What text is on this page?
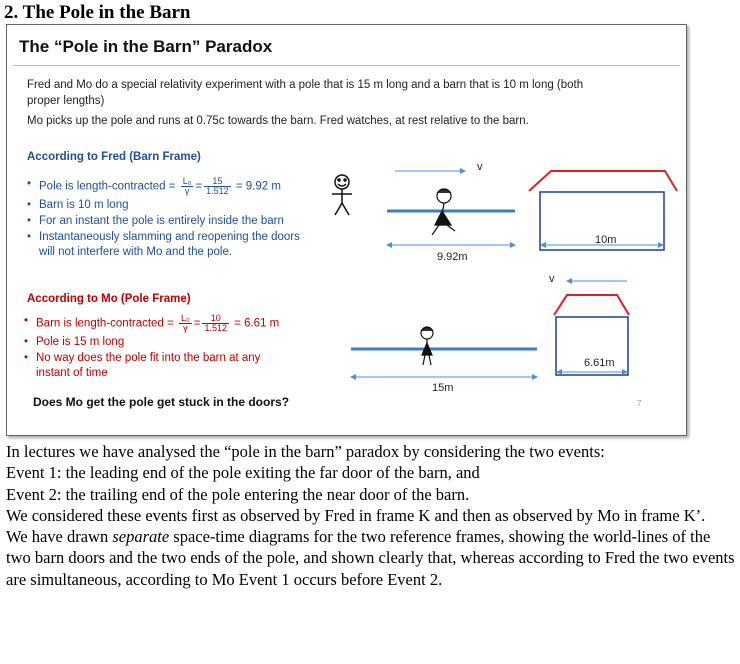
2. The Pole in the Barn
The “Pole in the Barn” Paradox
Fred and Mo do a special relativity experiment with a pole that is 15 m long and a barn that is 10 m long (both proper lengths)
Mo picks up the pole and runs at 0.75c towards the barn. Fred watches, at rest relative to the barn.
According to Fred (Barn Frame)
• Pole is length-contracted = $\frac{\text{L₀}}{\gamma} = \frac{15}{1.512} = 9.92$ m
• Barn is 10 m long
• For an instant the pole is entirely inside the barn
• Instantaneously slamming and reopening the doors will not interfere with Mo and the pole.
According to Mo (Pole Frame)
• Barn is length-contracted = $\frac{\text{L₀}}{\gamma} = \frac{10}{1.512} = 6.61$ m
• Pole is 15 m long
• No way does the pole fit into the barn at any instant of time
Does Mo get the pole get stuck in the doors?	7
v
9.92m
10m
v
6.61m
15m

In lectures we have analysed the “pole in the barn” paradox by considering the two events:

Event 1: the leading end of the pole exiting the far door of the barn, and

Event 2: the trailing end of the pole entering the near door of the barn.

We considered these events first as observed by Fred in frame K and then as observed by Mo in frame K’.

We have drawn separate space-time diagrams for the two reference frames, showing the world-lines of the two barn doors and the two ends of the pole, and shown clearly that, whereas according to Fred the two events are simultaneous, according to Mo Event 1 occurs before Event 2.
